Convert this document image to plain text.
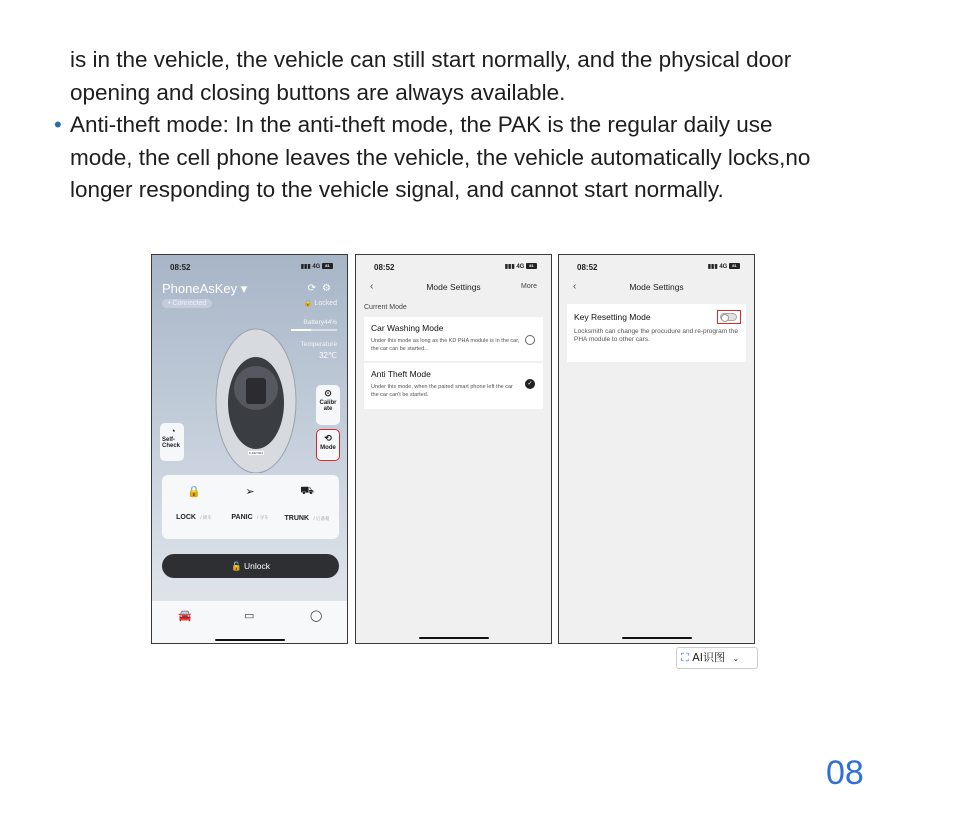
is in the vehicle, the vehicle can still start normally, and the physical door

opening and closing buttons are always available.

• Anti-theft mode: In the anti-theft mode, the PAK is the regular daily use

mode, the cell phone leaves the vehicle, the vehicle automatically locks,no

longer responding to the vehicle signal, and cannot start normally.

08:52	▮▮▮ 4G 81
PhoneAsKey ▾	⟳⚙
• Connected	🔒 Locked
Battery44%
Temperature
32℃
K-KEY001
⊙
Calibr ate
⟲
Mode
◔
Self- Check
🔒
LOCK / 锁车
➢
PANIC / 寻车
⛟
TRUNK / 后备箱
🔓 Unlock
🚘	▭	◯
08:52	▮▮▮ 4G 81
‹	Mode Settings	More
Current Mode
Car Washing Mode
Under this mode as long as the KD PHA module is in the car, the car can be started...
Anti Theft Mode
Under this mode, when the paired smart phone left the car the car can't be started.
✓
08:52	▮▮▮ 4G 81
‹	Mode Settings
Key Resetting Mode
Locksmith can change the procudure and re-program the PHA module to other cars.
⛶ AI识图 ⌄
08
